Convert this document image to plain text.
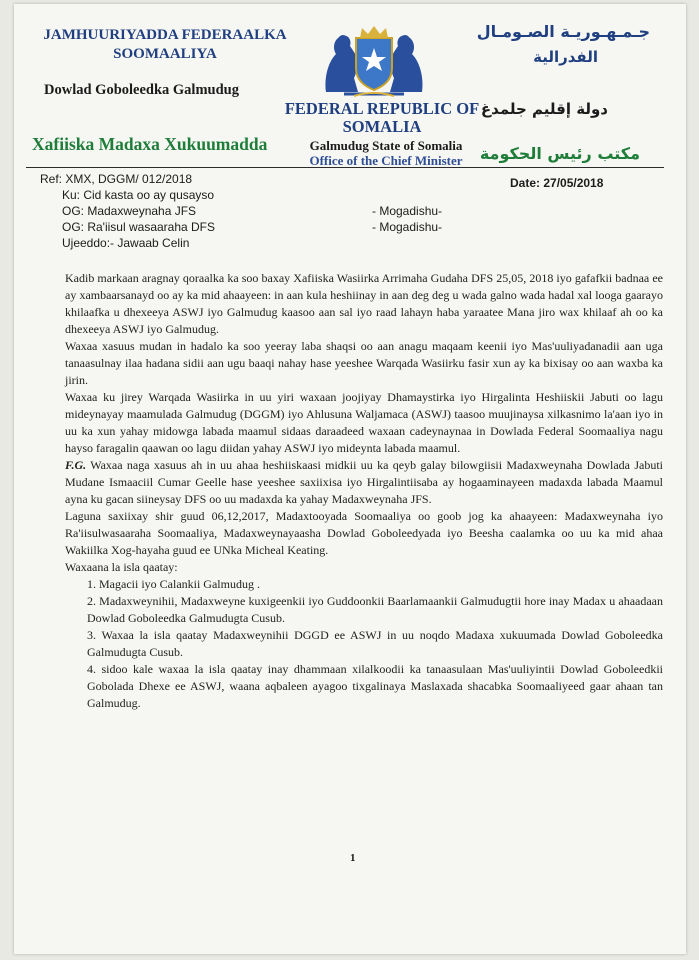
JAMHUURIYADDA FEDERAALKA
SOOMAALIYA
Dowlad Goboleedka Galmudug
Xafiiska Madaxa Xukuumadda
FEDERAL REPUBLIC OF
SOMALIA
Galmudug State of Somalia
Office of the Chief Minister
جـمـهـوريـة الصـومـال
الفدرالية
دولة إقليم جلمدغ
مكتب رئيس الحكومة
Ref: XMX, DGGM/ 012/2018	Date: 27/05/2018
Ku: Cid kasta oo ay qusayso
OG: Madaxweynaha JFS	- Mogadishu-
OG: Ra'iisul wasaaraha DFS	- Mogadishu-
Ujeeddo:- Jawaab Celin

Kadib markaan aragnay qoraalka ka soo baxay Xafiiska Wasiirka Arrimaha Gudaha DFS 25,05, 2018 iyo gafafkii badnaa ee ay xambaarsanayd oo ay ka mid ahaayeen: in aan kula heshiinay in aan deg deg u wada galno wada hadal xal looga gaarayo khilaafka u dhexeeya ASWJ iyo Galmudug kaasoo aan sal iyo raad lahayn haba yaraatee Mana jiro wax khilaaf ah oo ka dhexeeya ASWJ iyo Galmudug.

Waxaa xasuus mudan in hadalo ka soo yeeray laba shaqsi oo aan anagu maqaam keenii iyo Mas'uuliyadanadii aan uga tanaasulnay ilaa hadana sidii aan ugu baaqi nahay hase yeeshee Warqada Wasiirku fasir xun ay ka bixisay oo aan waxba ka jirin.

Waxaa ku jirey Warqada Wasiirka in uu yiri waxaan joojiyay Dhamaystirka iyo Hirgalinta Heshiiskii Jabuti oo lagu mideynayay maamulada Galmudug (DGGM) iyo Ahlusuna Waljamaca (ASWJ) taasoo muujinaysa xilkasnimo la'aan iyo in uu ka xun yahay midowga labada maamul sidaas daraadeed waxaan cadeynaynaa in Dowlada Federal Soomaaliya nagu hayso faragalin qaawan oo lagu diidan yahay ASWJ iyo mideynta labada maamul.

F.G. Waxaa naga xasuus ah in uu ahaa heshiiskaasi midkii uu ka qeyb galay bilowgiisii Madaxweynaha Dowlada Jabuti Mudane Ismaaciil Cumar Geelle hase yeeshee saxiixisa iyo Hirgalintiisaba ay hogaaminayeen madaxda labada Maamul ayna ku gacan siineysay DFS oo uu madaxda ka yahay Madaxweynaha JFS.

Laguna saxiixay shir guud 06,12,2017, Madaxtooyada Soomaaliya oo goob jog ka ahaayeen: Madaxweynaha iyo Ra'iisulwasaaraha Soomaaliya, Madaxweynayaasha Dowlad Goboleedyada iyo Beesha caalamka oo uu ka mid ahaa Wakiilka Xog-hayaha guud ee UNka Micheal Keating.

Waxaana la isla qaatay:

1. Magacii iyo Calankii Galmudug .

2. Madaxweynihii, Madaxweyne kuxigeenkii iyo Guddoonkii Baarlamaankii Galmudugtii hore inay Madax u ahaadaan Dowlad Goboleedka Galmudugta Cusub.

3. Waxaa la isla qaatay Madaxweynihii DGGD ee ASWJ in uu noqdo Madaxa xukuumada Dowlad Goboleedka Galmudugta Cusub.

4. sidoo kale waxaa la isla qaatay inay dhammaan xilalkoodii ka tanaasulaan Mas'uuliyintii Dowlad Goboleedkii Gobolada Dhexe ee ASWJ, waana aqbaleen ayagoo tixgalinaya Maslaxada shacabka Soomaaliyeed gaar ahaan tan Galmudug.

1
